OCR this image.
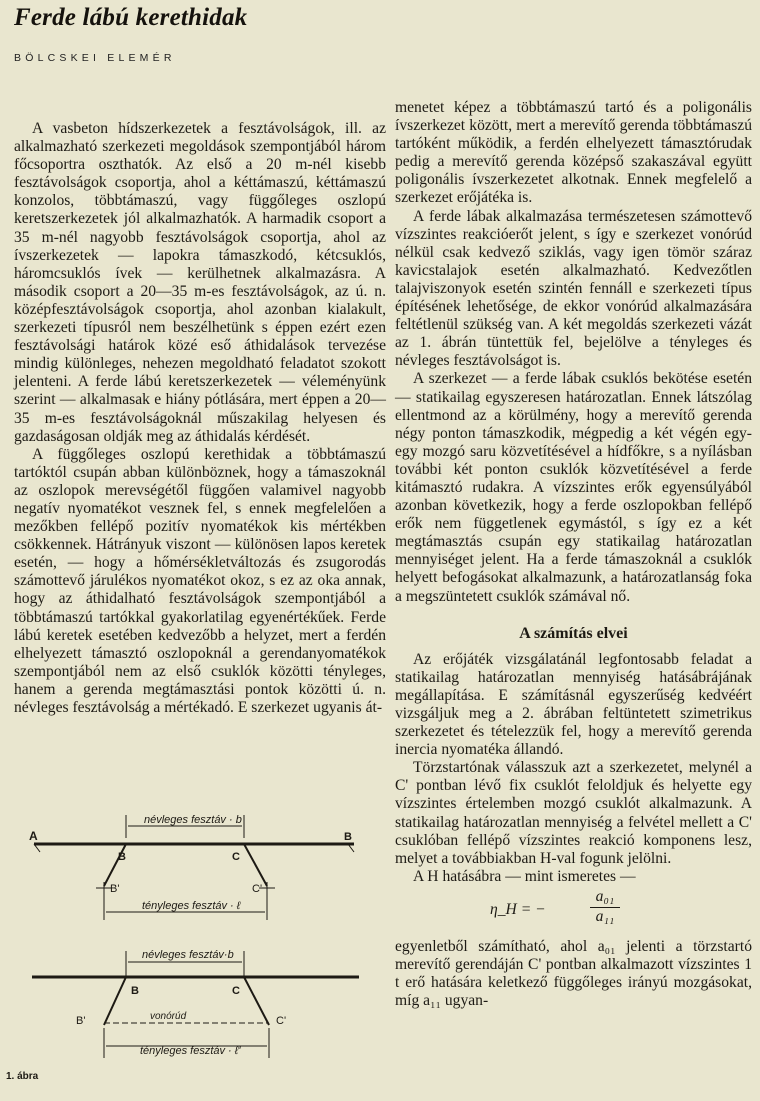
Ferde lábú kerethidak
BÖLCSKEI ELEMÉR

A vasbeton hídszerkezetek a fesztávolságok, ill. az alkalmazható szerkezeti megoldások szempontjából három főcsoportra oszthatók. Az első a 20 m-nél kisebb fesztávolságok csoportja, ahol a kéttámaszú, kéttámaszú konzolos, többtámaszú, vagy függőleges oszlopú keretszerkezetek jól alkalmazhatók. A harmadik csoport a 35 m-nél nagyobb fesztávolságok csoportja, ahol az ívszerkezetek — lapokra támaszkodó, kétcsuklós, háromcsuklós ívek — kerülhetnek alkalmazásra. A második csoport a 20—35 m-es fesztávolságok, az ú. n. középfesztávolságok csoportja, ahol azonban kialakult, szerkezeti típusról nem beszélhetünk s éppen ezért ezen fesztávolsági határok közé eső áthidalások tervezése mindig különleges, nehezen megoldható feladatot szokott jelenteni. A ferde lábú keretszerkezetek — véleményünk szerint — alkalmasak e hiány pótlására, mert éppen a 20—35 m-es fesztávolságoknál műszakilag helyesen és gazdaságosan oldják meg az áthidalás kérdését.

A függőleges oszlopú kerethidak a többtámaszú tartóktól csupán abban különböznek, hogy a támaszoknál az oszlopok merevségétől függően valamivel nagyobb negatív nyomatékot vesznek fel, s ennek megfelelően a mezőkben fellépő pozitív nyomatékok kis mértékben csökkennek. Hátrányuk viszont — különösen lapos keretek esetén, — hogy a hőmérsékletváltozás és zsugorodás számottevő járulékos nyomatékot okoz, s ez az oka annak, hogy az áthidalható fesztávolságok szempontjából a többtámaszú tartókkal gyakorlatilag egyenértékűek. Ferde lábú keretek esetében kedvezőbb a helyzet, mert a ferdén elhelyezett támasztó oszlopoknál a gerendanyomatékok szempontjából nem az első csuklók közötti tényleges, hanem a gerenda megtámasztási pontok közötti ú. n. névleges fesztávolság a mértékadó. E szerkezet ugyanis át-

menetet képez a többtámaszú tartó és a poligonális ívszerkezet között, mert a merevítő gerenda többtámaszú tartóként működik, a ferdén elhelyezett támasztórudak pedig a merevítő gerenda középső szakaszával együtt poligonális ívszerkezetet alkotnak. Ennek megfelelő a szerkezet erőjátéka is.

A ferde lábak alkalmazása természetesen számottevő vízszintes reakcióerőt jelent, s így e szerkezet vonórúd nélkül csak kedvező sziklás, vagy igen tömör száraz kavicstalajok esetén alkalmazható. Kedvezőtlen talajviszonyok esetén szintén fennáll e szerkezeti típus építésének lehetősége, de ekkor vonórúd alkalmazására feltétlenül szükség van. A két megoldás szerkezeti vázát az 1. ábrán tüntettük fel, bejelölve a tényleges és névleges fesztávolságot is.

A szerkezet — a ferde lábak csuklós bekötése esetén — statikailag egyszeresen határozatlan. Ennek látszólag ellentmond az a körülmény, hogy a merevítő gerenda négy ponton támaszkodik, mégpedig a két végén egy-egy mozgó saru közvetítésével a hídfőkre, s a nyílásban további két ponton csuklók közvetítésével a ferde kitámasztó rudakra. A vízszintes erők egyensúlyából azonban következik, hogy a ferde oszlopokban fellépő erők nem függetlenek egymástól, s így ez a két megtámasztás csupán egy statikailag határozatlan mennyiséget jelent. Ha a ferde támaszoknál a csuklók helyett befogásokat alkalmazunk, a határozatlanság foka a megszüntetett csuklók számával nő.

A számítás elvei

Az erőjáték vizsgálatánál legfontosabb feladat a statikailag határozatlan mennyiség hatásábrájának megállapítása. E számításnál egyszerűség kedvéért vizsgáljuk meg a 2. ábrában feltüntetett szimetrikus szerkezetet és tételezzük fel, hogy a merevítő gerenda inercia nyomatéka állandó.

Törzstartónak válasszuk azt a szerkezetet, melynél a C' pontban lévő fix csuklót feloldjuk és helyette egy vízszintes értelemben mozgó csuklót alkalmazunk. A statikailag határozatlan mennyiség a felvétel mellett a C' csuklóban fellépő vízszintes reakció komponens lesz, melyet a továbbiakban H-val fogunk jelölni.

A H hatásábra — mint ismeretes —

η_H = −	$\frac{\text{a₀₁}}{\text{a₁₁}}$

egyenletből számítható, ahol a₀₁ jelenti a törzstartó merevítő gerendáján C' pontban alkalmazott vízszintes 1 t erő hatására keletkező függőleges irányú mozgásokat, míg a₁₁ ugyan-

A
B	C
B
B'	C'
névleges fesztáv · b
tényleges fesztáv · ℓ
B	C
B'	C'
névleges fesztáv·b
vonórúd
tényleges fesztáv · ℓ'
1. ábra
